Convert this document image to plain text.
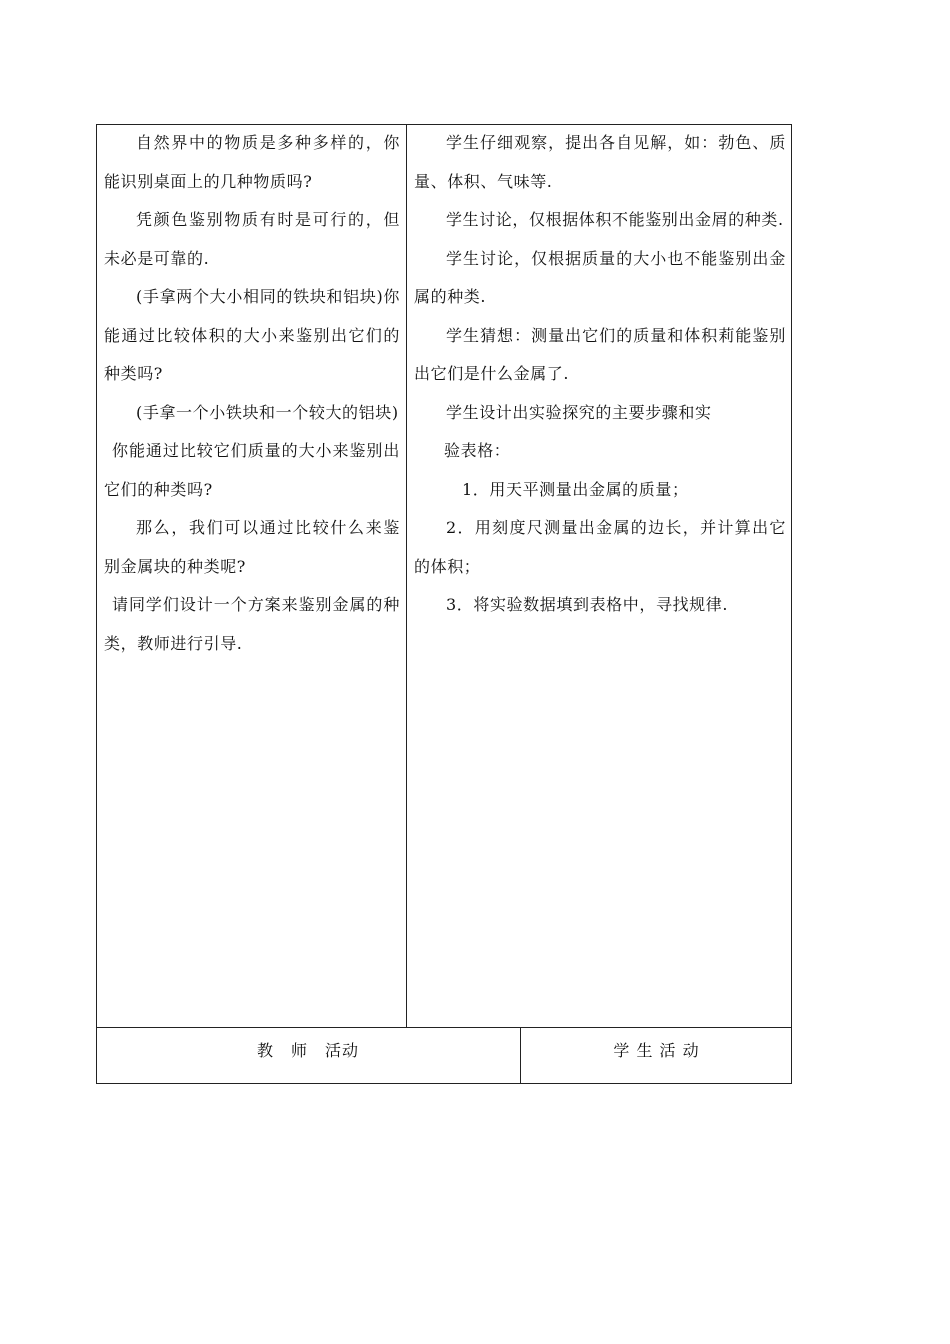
自然界中的物质是多种多样的，你能识别桌面上的几种物质吗?

凭颜色鉴别物质有时是可行的，但未必是可靠的.

(手拿两个大小相同的铁块和铝块)你能通过比较体积的大小来鉴别出它们的种类吗?

(手拿一个小铁块和一个较大的铝块)

你能通过比较它们质量的大小来鉴别出它们的种类吗?

那么，我们可以通过比较什么来鉴别金属块的种类呢?

请同学们设计一个方案来鉴别金属的种类，教师进行引导.

学生仔细观察，提出各自见解，如：勃色、质量、体积、气味等.

学生讨论，仅根据体积不能鉴别出金屑的种类.

学生讨论，仅根据质量的大小也不能鉴别出金属的种类.

学生猜想：测量出它们的质量和体积莉能鉴别出它们是什么金属了.

学生设计出实验探究的主要步骤和实

验表格：

1．用天平测量出金属的质量；

2．用刻度尺测量出金属的边长，并计算出它的体积；

3．将实验数据填到表格中，寻找规律.

教　师　活动	学 生 活 动
